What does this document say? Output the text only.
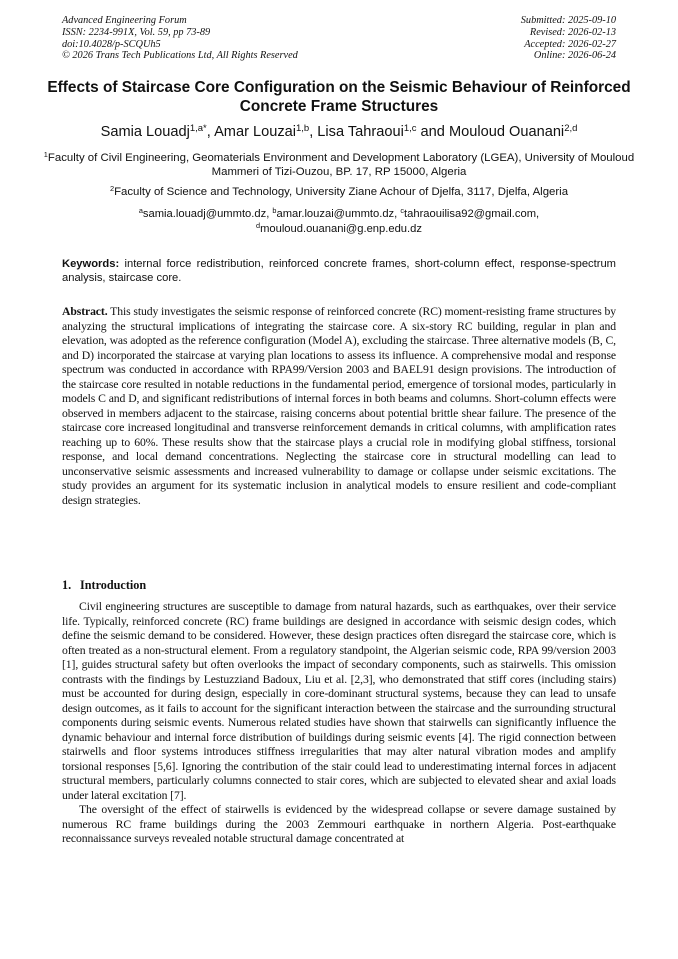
Advanced Engineering Forum
ISSN: 2234-991X, Vol. 59, pp 73-89
doi:10.4028/p-SCQUh5
© 2026 Trans Tech Publications Ltd, All Rights Reserved
Submitted: 2025-09-10
Revised: 2026-02-13
Accepted: 2026-02-27
Online: 2026-06-24
Effects of Staircase Core Configuration on the Seismic Behaviour of Reinforced Concrete Frame Structures
Samia Louadj$^{1,a*}$, Amar Louzai$^{1,b}$, Lisa Tahraoui$^{1,c}$ and Mouloud Ouanani$^{2,d}$
$^1$Faculty of Civil Engineering, Geomaterials Environment and Development Laboratory (LGEA), University of Mouloud Mammeri of Tizi-Ouzou, BP. 17, RP 15000, Algeria
$^2$Faculty of Science and Technology, University Ziane Achour of Djelfa, 3117, Djelfa, Algeria
$^a$samia.louadj@ummto.dz, $^b$amar.louzai@ummto.dz, $^c$tahraouilisa92@gmail.com,
$^d$mouloud.ouanani@g.enp.edu.dz
Keywords: internal force redistribution, reinforced concrete frames, short-column effect, response-spectrum analysis, staircase core.
Abstract. This study investigates the seismic response of reinforced concrete (RC) moment-resisting frame structures by analyzing the structural implications of integrating the staircase core. A six-story RC building, regular in plan and elevation, was adopted as the reference configuration (Model A), excluding the staircase. Three alternative models (B, C, and D) incorporated the staircase at varying plan locations to assess its influence. A comprehensive modal and response spectrum was conducted in accordance with RPA99/Version 2003 and BAEL91 design provisions. The introduction of the staircase core resulted in notable reductions in the fundamental period, emergence of torsional modes, particularly in models C and D, and significant redistributions of internal forces in both beams and columns. Short-column effects were observed in members adjacent to the staircase, raising concerns about potential brittle shear failure. The presence of the staircase core increased longitudinal and transverse reinforcement demands in critical columns, with amplification rates reaching up to 60%. These results show that the staircase plays a crucial role in modifying global stiffness, torsional response, and local demand concentrations. Neglecting the staircase core in structural modelling can lead to unconservative seismic assessments and increased vulnerability to damage or collapse under seismic excitations. The study provides an argument for its systematic inclusion in analytical models to ensure resilient and code-compliant design strategies.
1. Introduction

Civil engineering structures are susceptible to damage from natural hazards, such as earthquakes, over their service life. Typically, reinforced concrete (RC) frame buildings are designed in accordance with seismic design codes, which define the seismic demand to be considered. However, these design practices often disregard the staircase core, which is often treated as a non-structural element. From a regulatory standpoint, the Algerian seismic code, RPA 99/version 2003 [1], guides structural safety but often overlooks the impact of secondary components, such as stairwells. This omission contrasts with the findings by Lestuzziand Badoux, Liu et al. [2,3], who demonstrated that stiff cores (including stairs) must be accounted for during design, especially in core-dominant structural systems, because they can lead to unsafe design outcomes, as it fails to account for the significant interaction between the staircase and the surrounding structural components during seismic events. Numerous related studies have shown that stairwells can significantly influence the dynamic behaviour and internal force distribution of buildings during seismic events [4]. The rigid connection between stairwells and floor systems introduces stiffness irregularities that may alter natural vibration modes and amplify torsional responses [5,6]. Ignoring the contribution of the stair could lead to underestimating internal forces in adjacent structural members, particularly columns connected to stair cores, which are subjected to elevated shear and axial loads under lateral excitation [7].

The oversight of the effect of stairwells is evidenced by the widespread collapse or severe damage sustained by numerous RC frame buildings during the 2003 Zemmouri earthquake in northern Algeria. Post-earthquake reconnaissance surveys revealed notable structural damage concentrated at
